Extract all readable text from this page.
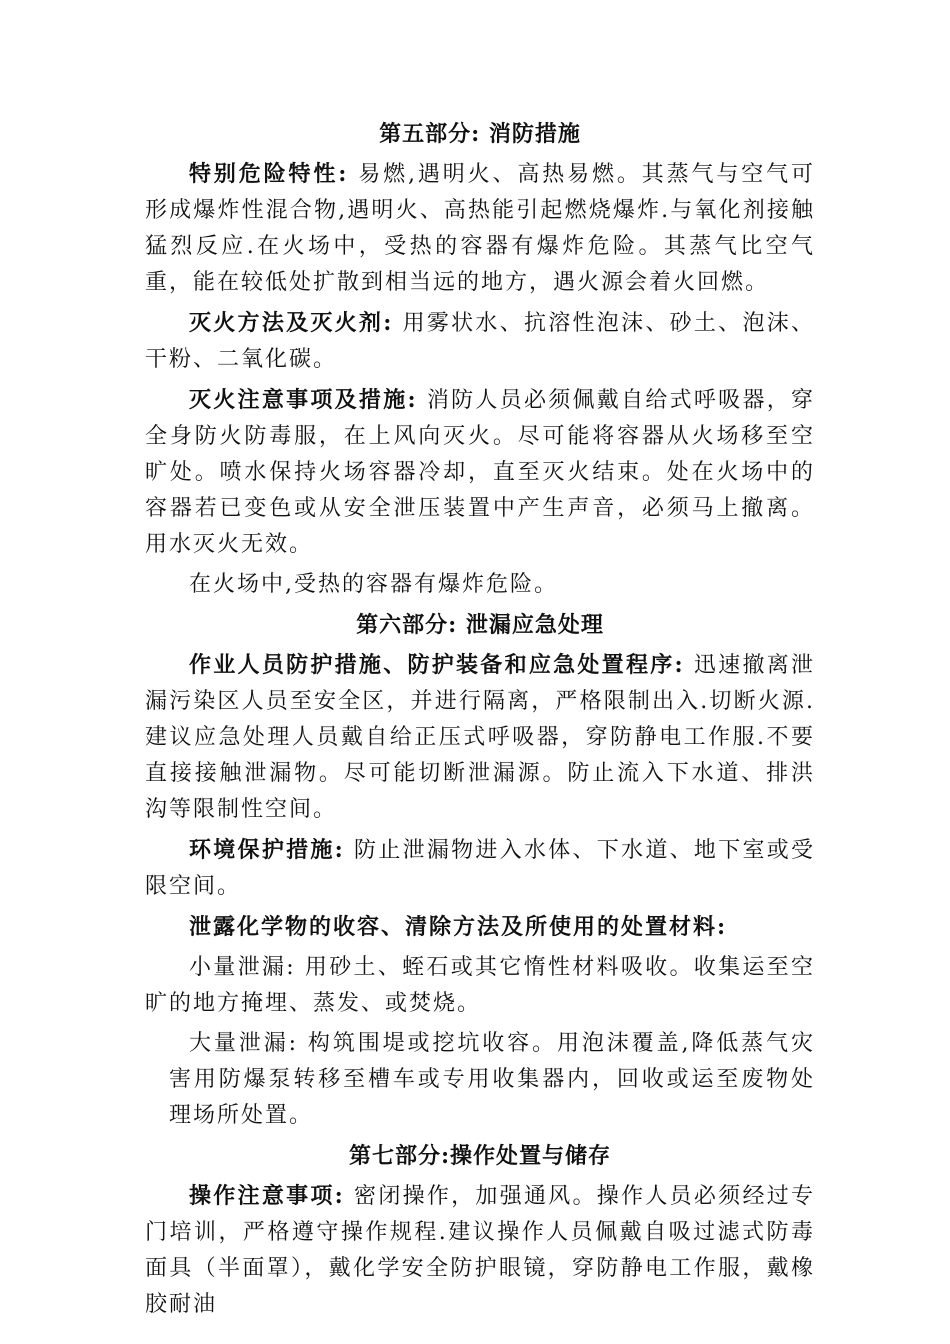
第五部分: 消防措施

特别危险特性: 易燃,遇明火、高热易燃。其蒸气与空气可形成爆炸性混合物,遇明火、高热能引起燃烧爆炸.与氧化剂接触猛烈反应.在火场中，受热的容器有爆炸危险。其蒸气比空气重，能在较低处扩散到相当远的地方，遇火源会着火回燃。

灭火方法及灭火剂: 用雾状水、抗溶性泡沫、砂土、泡沫、干粉、二氧化碳。

灭火注意事项及措施: 消防人员必须佩戴自给式呼吸器，穿全身防火防毒服，在上风向灭火。尽可能将容器从火场移至空旷处。喷水保持火场容器冷却，直至灭火结束。处在火场中的容器若已变色或从安全泄压装置中产生声音，必须马上撤离。用水灭火无效。

在火场中,受热的容器有爆炸危险。

第六部分: 泄漏应急处理

作业人员防护措施、防护装备和应急处置程序: 迅速撤离泄漏污染区人员至安全区，并进行隔离，严格限制出入.切断火源.建议应急处理人员戴自给正压式呼吸器，穿防静电工作服.不要直接接触泄漏物。尽可能切断泄漏源。防止流入下水道、排洪沟等限制性空间。

环境保护措施: 防止泄漏物进入水体、下水道、地下室或受限空间。

泄露化学物的收容、清除方法及所使用的处置材料:

小量泄漏: 用砂土、蛭石或其它惰性材料吸收。收集运至空旷的地方掩埋、蒸发、或焚烧。

大量泄漏: 构筑围堤或挖坑收容。用泡沫覆盖,降低蒸气灾害用防爆泵转移至槽车或专用收集器内，回收或运至废物处理场所处置。

第七部分:操作处置与储存

操作注意事项: 密闭操作，加强通风。操作人员必须经过专门培训，严格遵守操作规程.建议操作人员佩戴自吸过滤式防毒面具（半面罩），戴化学安全防护眼镜，穿防静电工作服，戴橡胶耐油
